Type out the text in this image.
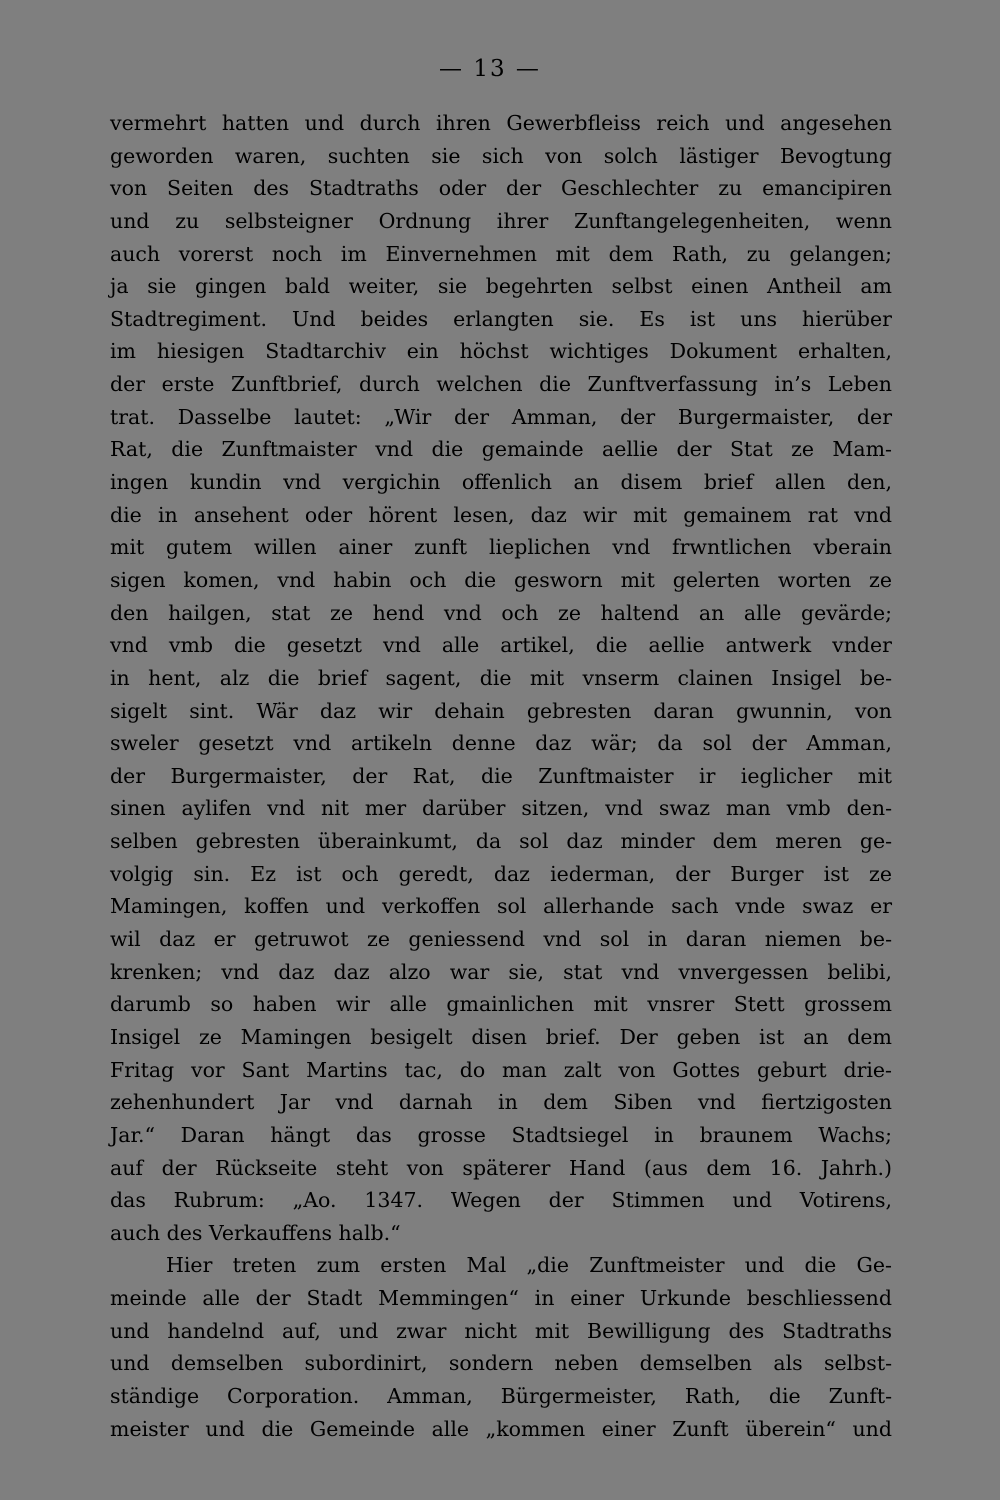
— 13 —
vermehrt hatten und durch ihren Gewerbfleiss reich und angesehen
geworden waren, suchten sie sich von solch lästiger Bevogtung
von Seiten des Stadtraths oder der Geschlechter zu emancipiren
und zu selbsteigner Ordnung ihrer Zunftangelegenheiten, wenn
auch vorerst noch im Einvernehmen mit dem Rath, zu gelangen;
ja sie gingen bald weiter, sie begehrten selbst einen Antheil am
Stadtregiment. Und beides erlangten sie. Es ist uns hierüber
im hiesigen Stadtarchiv ein höchst wichtiges Dokument erhalten,
der erste Zunftbrief, durch welchen die Zunftverfassung in’s Leben
trat. Dasselbe lautet: „Wir der Amman, der Burgermaister, der
Rat, die Zunftmaister vnd die gemainde aellie der Stat ze Mam-
ingen kundin vnd vergichin offenlich an disem brief allen den,
die in ansehent oder hörent lesen, daz wir mit gemainem rat vnd
mit gutem willen ainer zunft lieplichen vnd frwntlichen vberain
sigen komen, vnd habin och die gesworn mit gelerten worten ze
den hailgen, stat ze hend vnd och ze haltend an alle gevärde;
vnd vmb die gesetzt vnd alle artikel, die aellie antwerk vnder
in hent, alz die brief sagent, die mit vnserm clainen Insigel be-
sigelt sint. Wär daz wir dehain gebresten daran gwunnin, von
sweler gesetzt vnd artikeln denne daz wär; da sol der Amman,
der Burgermaister, der Rat, die Zunftmaister ir ieglicher mit
sinen aylifen vnd nit mer darüber sitzen, vnd swaz man vmb den-
selben gebresten überainkumt, da sol daz minder dem meren ge-
volgig sin. Ez ist och geredt, daz iederman, der Burger ist ze
Mamingen, koffen und verkoffen sol allerhande sach vnde swaz er
wil daz er getruwot ze geniessend vnd sol in daran niemen be-
krenken; vnd daz daz alzo war sie, stat vnd vnvergessen belibi,
darumb so haben wir alle gmainlichen mit vnsrer Stett grossem
Insigel ze Mamingen besigelt disen brief. Der geben ist an dem
Fritag vor Sant Martins tac, do man zalt von Gottes geburt drie-
zehenhundert Jar vnd darnah in dem Siben vnd fiertzigosten
Jar.“ Daran hängt das grosse Stadtsiegel in braunem Wachs;
auf der Rückseite steht von späterer Hand (aus dem 16. Jahrh.)
das Rubrum: „Ao. 1347. Wegen der Stimmen und Votirens,
auch des Verkauffens halb.“
Hier treten zum ersten Mal „die Zunftmeister und die Ge-
meinde alle der Stadt Memmingen“ in einer Urkunde beschliessend
und handelnd auf, und zwar nicht mit Bewilligung des Stadtraths
und demselben subordinirt, sondern neben demselben als selbst-
ständige Corporation. Amman, Bürgermeister, Rath, die Zunft-
meister und die Gemeinde alle „kommen einer Zunft überein“ und
